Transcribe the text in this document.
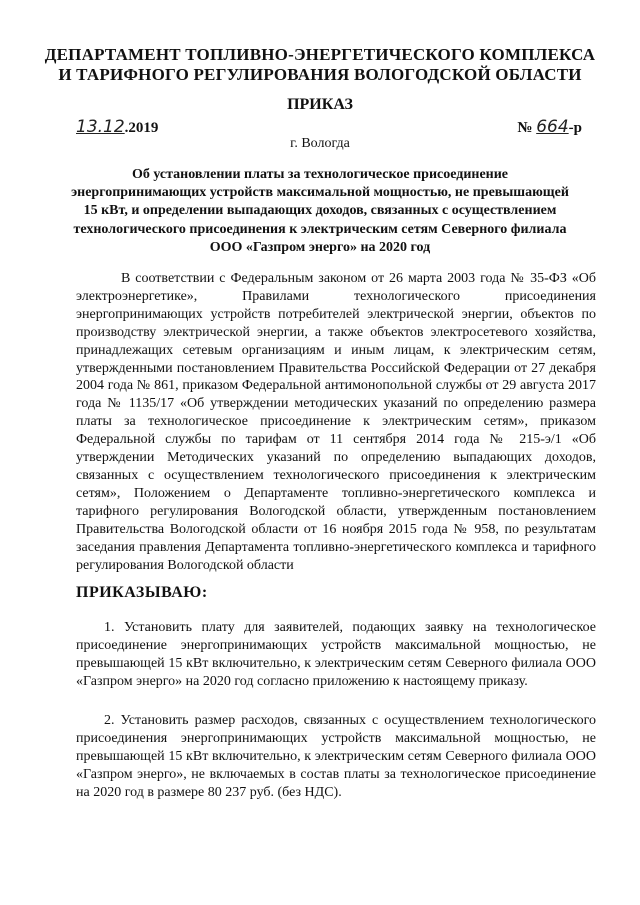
ДЕПАРТАМЕНТ ТОПЛИВНО-ЭНЕРГЕТИЧЕСКОГО КОМПЛЕКСА

И ТАРИФНОГО РЕГУЛИРОВАНИЯ ВОЛОГОДСКОЙ ОБЛАСТИ

ПРИКАЗ
13.12.2019	№ 664-р
г. Вологда

Об установлении платы за технологическое присоединение энергопринимающих устройств максимальной мощностью, не превышающей 15 кВт, и определении выпадающих доходов, связанных с осуществлением технологического присоединения к электрическим сетям Северного филиала ООО «Газпром энерго» на 2020 год

В соответствии с Федеральным законом от 26 марта 2003 года № 35-ФЗ «Об электроэнергетике», Правилами технологического присоединения энергопринимающих устройств потребителей электрической энергии, объектов по производству электрической энергии, а также объектов электросетевого хозяйства, принадлежащих сетевым организациям и иным лицам, к электрическим сетям, утвержденными постановлением Правительства Российской Федерации от 27 декабря 2004 года № 861, приказом Федеральной антимонопольной службы от 29 августа 2017 года № 1135/17 «Об утверждении методических указаний по определению размера платы за технологическое присоединение к электрическим сетям», приказом Федеральной службы по тарифам от 11 сентября 2014 года № 215-э/1 «Об утверждении Методических указаний по определению выпадающих доходов, связанных с осуществлением технологического присоединения к электрическим сетям», Положением о Департаменте топливно-энергетического комплекса и тарифного регулирования Вологодской области, утвержденным постановлением Правительства Вологодской области от 16 ноября 2015 года № 958, по результатам заседания правления Департамента топливно-энергетического комплекса и тарифного регулирования Вологодской области

ПРИКАЗЫВАЮ:

1. Установить плату для заявителей, подающих заявку на технологическое присоединение энергопринимающих устройств максимальной мощностью, не превышающей 15 кВт включительно, к электрическим сетям Северного филиала ООО «Газпром энерго» на 2020 год согласно приложению к настоящему приказу.

2. Установить размер расходов, связанных с осуществлением технологического присоединения энергопринимающих устройств максимальной мощностью, не превышающей 15 кВт включительно, к электрическим сетям Северного филиала ООО «Газпром энерго», не включаемых в состав платы за технологическое присоединение на 2020 год в размере 80 237 руб. (без НДС).
